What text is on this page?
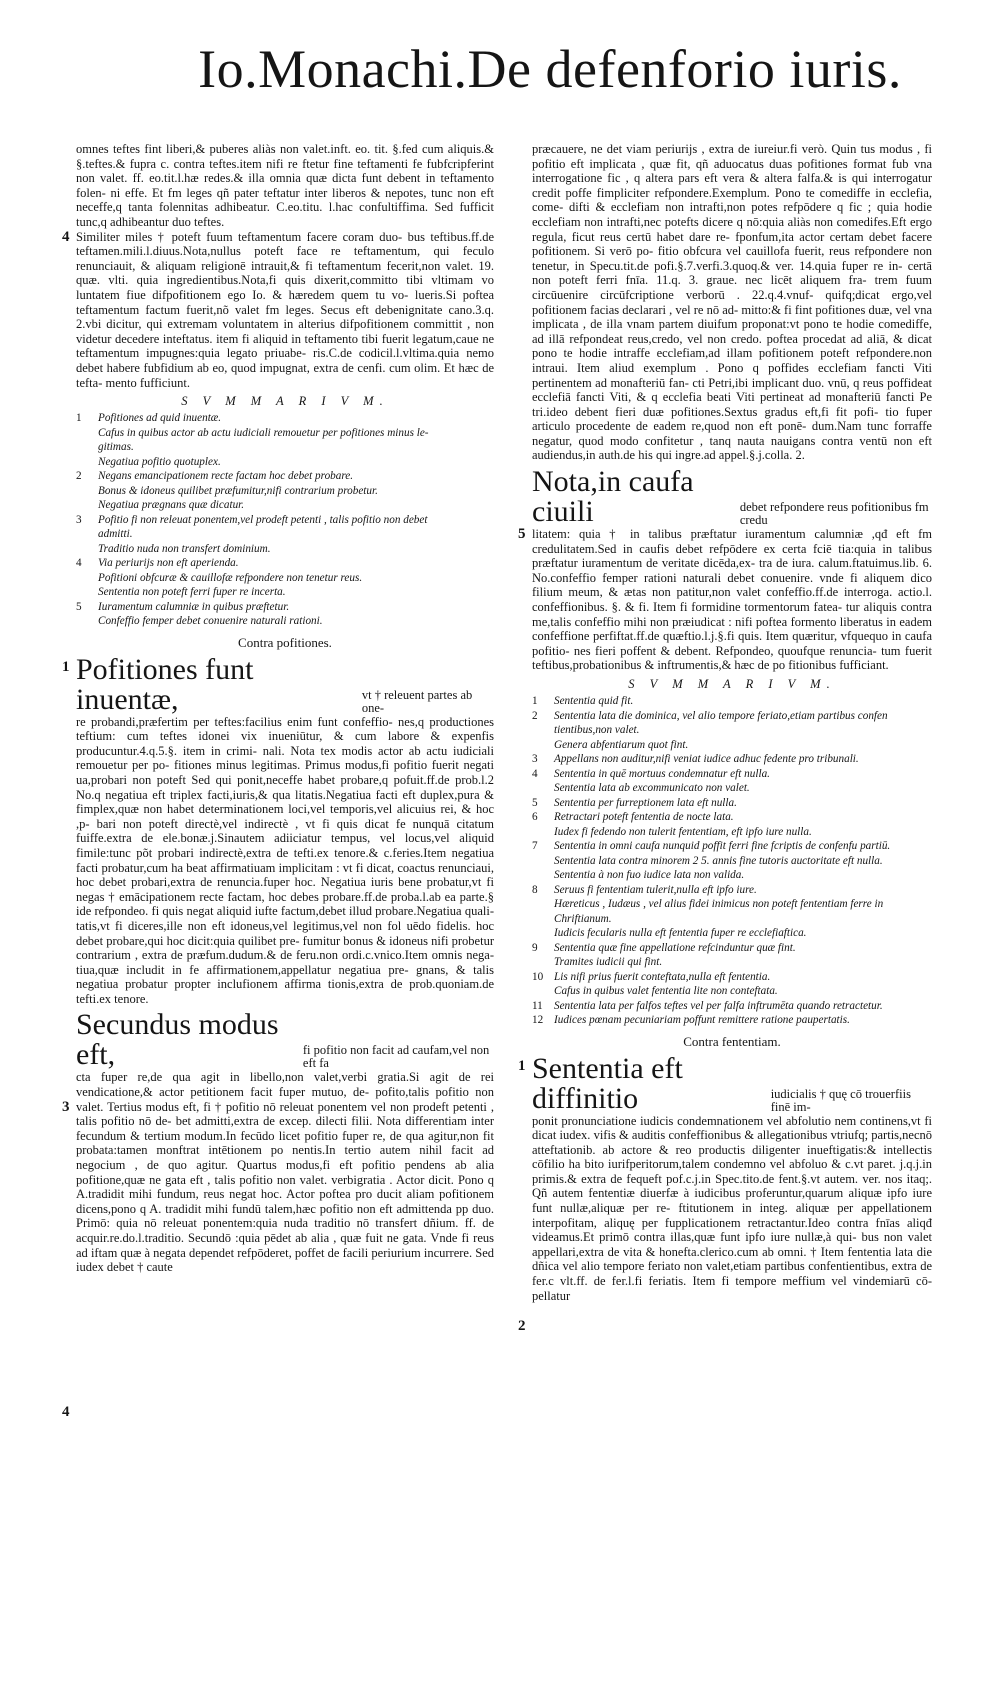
Io.Monachi.De defenforio iuris.

omnes teftes fint liberi,& puberes aliàs non valet.inft. eo. tit. §.fed cum aliquis.& §.teftes.& fupra c. contra teftes.item nifi re ftetur fine teftamenti fe fubfcripferint non valet. ff. eo.tit.l.hæ redes.& illa omnia quæ dicta funt debent in teftamento folen- ni effe. Et fm leges qñ pater teftatur inter liberos & nepotes, tunc non eft neceffe,q tanta folennitas adhibeatur. C.eo.titu. l.hac confultiffima. Sed fufficit tunc,q adhibeantur duo teftes.

4 Similiter miles † poteft fuum teftamentum facere coram duo- bus teftibus.ff.de teftamen.mili.l.diuus.Nota,nullus poteft face re teftamentum, qui feculo renunciauit, & aliquam religionē intrauit,& fi teftamentum fecerit,non valet. 19. quæ. vlti. quia ingredientibus.Nota,fi quis dixerit,committo tibi vltimam vo luntatem fiue difpofitionem ego Io. & hæredem quem tu vo- lueris.Si poftea teftamentum factum fuerit,nõ valet fm leges. Secus eft debenignitate cano.3.q. 2.vbi dicitur, qui extremam voluntatem in alterius difpofitionem committit , non videtur decedere inteftatus. item fi aliquid in teftamento tibi fuerit legatum,caue ne teftamentum impugnes:quia legato priuabe- ris.C.de codicil.l.vltima.quia nemo debet habere fubfidium ab eo, quod impugnat, extra de cenfi. cum olim. Et hæc de tefta- mento fufficiunt.

S V M M A R I V M.
1	Pofitiones ad quid inuentæ.
Cafus in quibus actor ab actu iudiciali remouetur per pofitiones minus le-
gitimas.
Negatiua pofitio quotuplex.
2	Negans emancipationem recte factam hoc debet probare.
Bonus & idoneus quilibet præfumitur,nifi contrarium probetur.
Negatiua prægnans quæ dicatur.
3	Pofitio fi non releuat ponentem,vel prodeft petenti , talis pofitio non debet
admitti.
Traditio nuda non transfert dominium.
4	Via periurijs non eft aperienda.
Pofitioni obfcuræ & cauillofæ refpondere non tenetur reus.
Sententia non poteft ferri fuper re incerta.
5	Iuramentum calumniæ in quibus præftetur.
Confeffio femper debet conuenire naturali rationi.
Contra pofitiones.
1 Pofitiones funt inuentæ,	vt † releuent partes ab one-

re probandi,præfertim per teftes:facilius enim funt confeffio- nes,q productiones teftium: cum teftes idonei vix inueniūtur, & cum labore & expenfis producuntur.4.q.5.§. item in crimi- nali. Nota tex modis actor ab actu iudiciali remouetur per po- fitiones minus legitimas. Primus modus,fi pofitio fuerit negati ua,probari non poteft Sed qui ponit,neceffe habet probare,q pofuit.ff.de prob.l.2 No.q negatiua eft triplex facti,iuris,& qua litatis.Negatiua facti eft duplex,pura & fimplex,quæ non habet determinationem loci,vel temporis,vel alicuius rei, & hoc ,p- bari non poteft directè,vel indirectè , vt fi quis dicat fe nunquā citatum fuiffe.extra de ele.bonæ.j.Sinautem adiiciatur tempus, vel locus,vel aliquid fimile:tunc põt probari indirectè,extra de tefti.ex tenore.& c.feries.Item negatiua facti probatur,cum ha beat affirmatiuam implicitam : vt fi dicat, coactus renunciaui, hoc debet probari,extra de renuncia.fuper hoc. Negatiua iuris bene probatur,vt fi negas † emācipationem recte factam, hoc debes probare.ff.de proba.l.ab ea parte.§ ide refpondeo. fi quis negat aliquid iufte factum,debet illud probare.Negatiua quali- tatis,vt fi diceres,ille non eft idoneus,vel legitimus,vel non fol uēdo fidelis. hoc debet probare,qui hoc dicit:quia quilibet pre- fumitur bonus & idoneus nifi probetur contrarium , extra de præfum.dudum.& de feru.non ordi.c.vnico.Item omnis nega- tiua,quæ includit in fe affirmationem,appellatur negatiua pre- gnans, & talis negatiua probatur propter inclufionem affirma tionis,extra de prob.quoniam.de tefti.ex tenore.

Secundus modus eft,	fi pofitio non facit ad caufam,vel non eft fa

3
4
cta fuper re,de qua agit in libello,non valet,verbi gratia.Si agit de rei vendicatione,& actor petitionem facit fuper mutuo, de- pofito,talis pofitio non valet. Tertius modus eft, fi † pofitio nō releuat ponentem vel non prodeft petenti , talis pofitio nō de- bet admitti,extra de excep. dilecti filii. Nota differentiam inter fecundum & tertium modum.In fecūdo licet pofitio fuper re, de qua agitur,non fit probata:tamen monftrat intētionem po nentis.In tertio autem nihil facit ad negocium , de quo agitur. Quartus modus,fi eft pofitio pendens ab alia pofitione,quæ ne gata eft , talis pofitio non valet. verbigratia . Actor dicit. Pono q A.tradidit mihi fundum, reus negat hoc. Actor poftea pro ducit aliam pofitionem dicens,pono q A. tradidit mihi fundū talem,hæc pofitio non eft admittenda pp duo. Primō: quia nō releuat ponentem:quia nuda traditio nō transfert dñium. ff. de acquir.re.do.l.traditio. Secundō :quia pēdet ab alia , quæ fuit ne gata. Vnde fi reus ad iftam quæ à negata dependet refpōderet, poffet de facili periurium incurrere. Sed iudex debet † caute

præcauere, ne det viam periurijs , extra de iureiur.fi verò. Quin tus modus , fi pofitio eft implicata , quæ fit, qñ aduocatus duas pofitiones format fub vna interrogatione fic , q altera pars eft vera & altera falfa.& is qui interrogatur credit poffe fimpliciter refpondere.Exemplum. Pono te comediffe in ecclefia, come- difti & ecclefiam non intrafti,non potes refpōdere q fic ; quia hodie ecclefiam non intrafti,nec potefts dicere q nō:quia aliàs non comedifes.Eft ergo regula, ficut reus certū habet dare re- fponfum,ita actor certam debet facere pofitionem. Si verō po- fitio obfcura vel cauillofa fuerit, reus refpondere non tenetur, in Specu.tit.de pofi.§.7.verfi.3.quoq.& ver. 14.quia fuper re in- certā non poteft ferri fnīa. 11.q. 3. graue. nec licēt aliquem fra- trem fuum circūuenire circūfcriptione verborū . 22.q.4.vnuf- quifq;dicat ergo,vel pofitionem facias declarari , vel re nō ad- mitto:& fi fint pofitiones duæ, vel vna implicata , de illa vnam partem diuifum proponat:vt pono te hodie comediffe, ad illā refpondeat reus,credo, vel non credo. poftea procedat ad aliā, & dicat pono te hodie intraffe ecclefiam,ad illam pofitionem poteft refpondere.non intraui. Item aliud exemplum . Pono q poffides ecclefiam fancti Viti pertinentem ad monafteriū fan- cti Petri,ibi implicant duo. vnū, q reus poffideat ecclefiā fancti Viti, & q ecclefia beati Viti pertineat ad monafteriū fancti Pe tri.ideo debent fieri duæ pofitiones.Sextus gradus eft,fi fit pofi- tio fuper articulo procedente de eadem re,quod non eft ponē- dum.Nam tunc forraffe negatur, quod modo confitetur , tanq nauta nauigans contra ventū non eft audiendus,in auth.de his qui ingre.ad appel.§.j.colla. 2.

Nota,in caufa ciuili	debet refpondere reus pofitionibus fm credu

5 litatem: quia † in talibus præftatur iuramentum calumniæ ,qđ eft fm credulitatem.Sed in caufis debet refpōdere ex certa fciē tia:quia in talibus præftatur iuramentum de veritate dicēda,ex- tra de iura. calum.ftatuimus.lib. 6. No.confeffio femper rationi naturali debet conuenire. vnde fi aliquem dico filium meum, & ætas non patitur,non valet confeffio.ff.de interroga. actio.l. confeffionibus. §. & fi. Item fi formidine tormentorum fatea- tur aliquis contra me,talis confeffio mihi non præiudicat : nifi poftea formento liberatus in eadem confeffione perfiftat.ff.de quæftio.l.j.§.fi quis. Item quæritur, vfquequo in caufa pofitio- nes fieri poffent & debent. Refpondeo, quoufque renuncia- tum fuerit teftibus,probationibus & inftrumentis,& hæc de po fitionibus fufficiant.

S V M M A R I V M.
1	Sententia quid fit.
2	Sententia lata die dominica, vel alio tempore feriato,etiam partibus confen
tientibus,non valet.
Genera abfentiarum quot fint.
3	Appellans non auditur,nifi veniat iudice adhuc fedente pro tribunali.
4	Sententia in quē mortuus condemnatur eft nulla.
Sententia lata ab excommunicato non valet.
5	Sententia per furreptionem lata eft nulla.
6	Retractari poteft fententia de nocte lata.
Iudex fi fedendo non tulerit fententiam, eft ipfo iure nulla.
7	Sententia in omni caufa nunquid poffit ferri fine fcriptis de confenfu partiū.
Sententia lata contra minorem 2 5. annis fine tutoris auctoritate eft nulla.
Sententia à non fuo iudice lata non valida.
8	Seruus fi fententiam tulerit,nulla eft ipfo iure.
Hæreticus , Iudæus , vel alius fidei inimicus non poteft fententiam ferre in
Chriftianum.
Iudicis fecularis nulla eft fententia fuper re ecclefiaftica.
9	Sententia quæ fine appellatione refcinduntur quæ fint.
Tramites iudicii qui fint.
10 Lis nifi prius fuerit conteftata,nulla eft fententia.
Cafus in quibus valet fententia lite non conteftata.
11	Sententia lata per falfos teftes vel per falfa inftrumēta quando retractetur.
12 Iudices pœnam pecuniariam poffunt remittere ratione paupertatis.
Contra fententiam.
1 Sententia eft diffinitio	iudicialis † quę cō trouerfiis finē im-

2
ponit pronunciatione iudicis condemnationem vel abfolutio nem continens,vt fi dicat iudex. vifis & auditis confeffionibus & allegationibus vtriufq; partis,necnō atteftationib. ab actore & reo productis diligenter inueftigatis:& intellectis cōfilio ha bito iurifperitorum,talem condemno vel abfoluo & c.vt paret. j.q.j.in primis.& extra de fequeft pof.c.j.in Spec.tito.de fent.§.vt autem. ver. nos itaq;. Qñ autem fententiæ diuerfæ à iudicibus proferuntur,quarum aliquæ ipfo iure funt nullæ,aliquæ per re- ftitutionem in integ. aliquæ per appellationem interpofitam, aliquę per fupplicationem retractantur.Ideo contra fnīas aliqđ videamus.Et primō contra illas,quæ funt ipfo iure nullæ,à qui- bus non valet appellari,extra de vita & honefta.clerico.cum ab omni. † Item fententia lata die dñica vel alio tempore feriato non valet,etiam partibus confentientibus, extra de fer.c vlt.ff. de fer.l.fi feriatis. Item fi tempore meffium vel vindemiarū cō- pellatur
